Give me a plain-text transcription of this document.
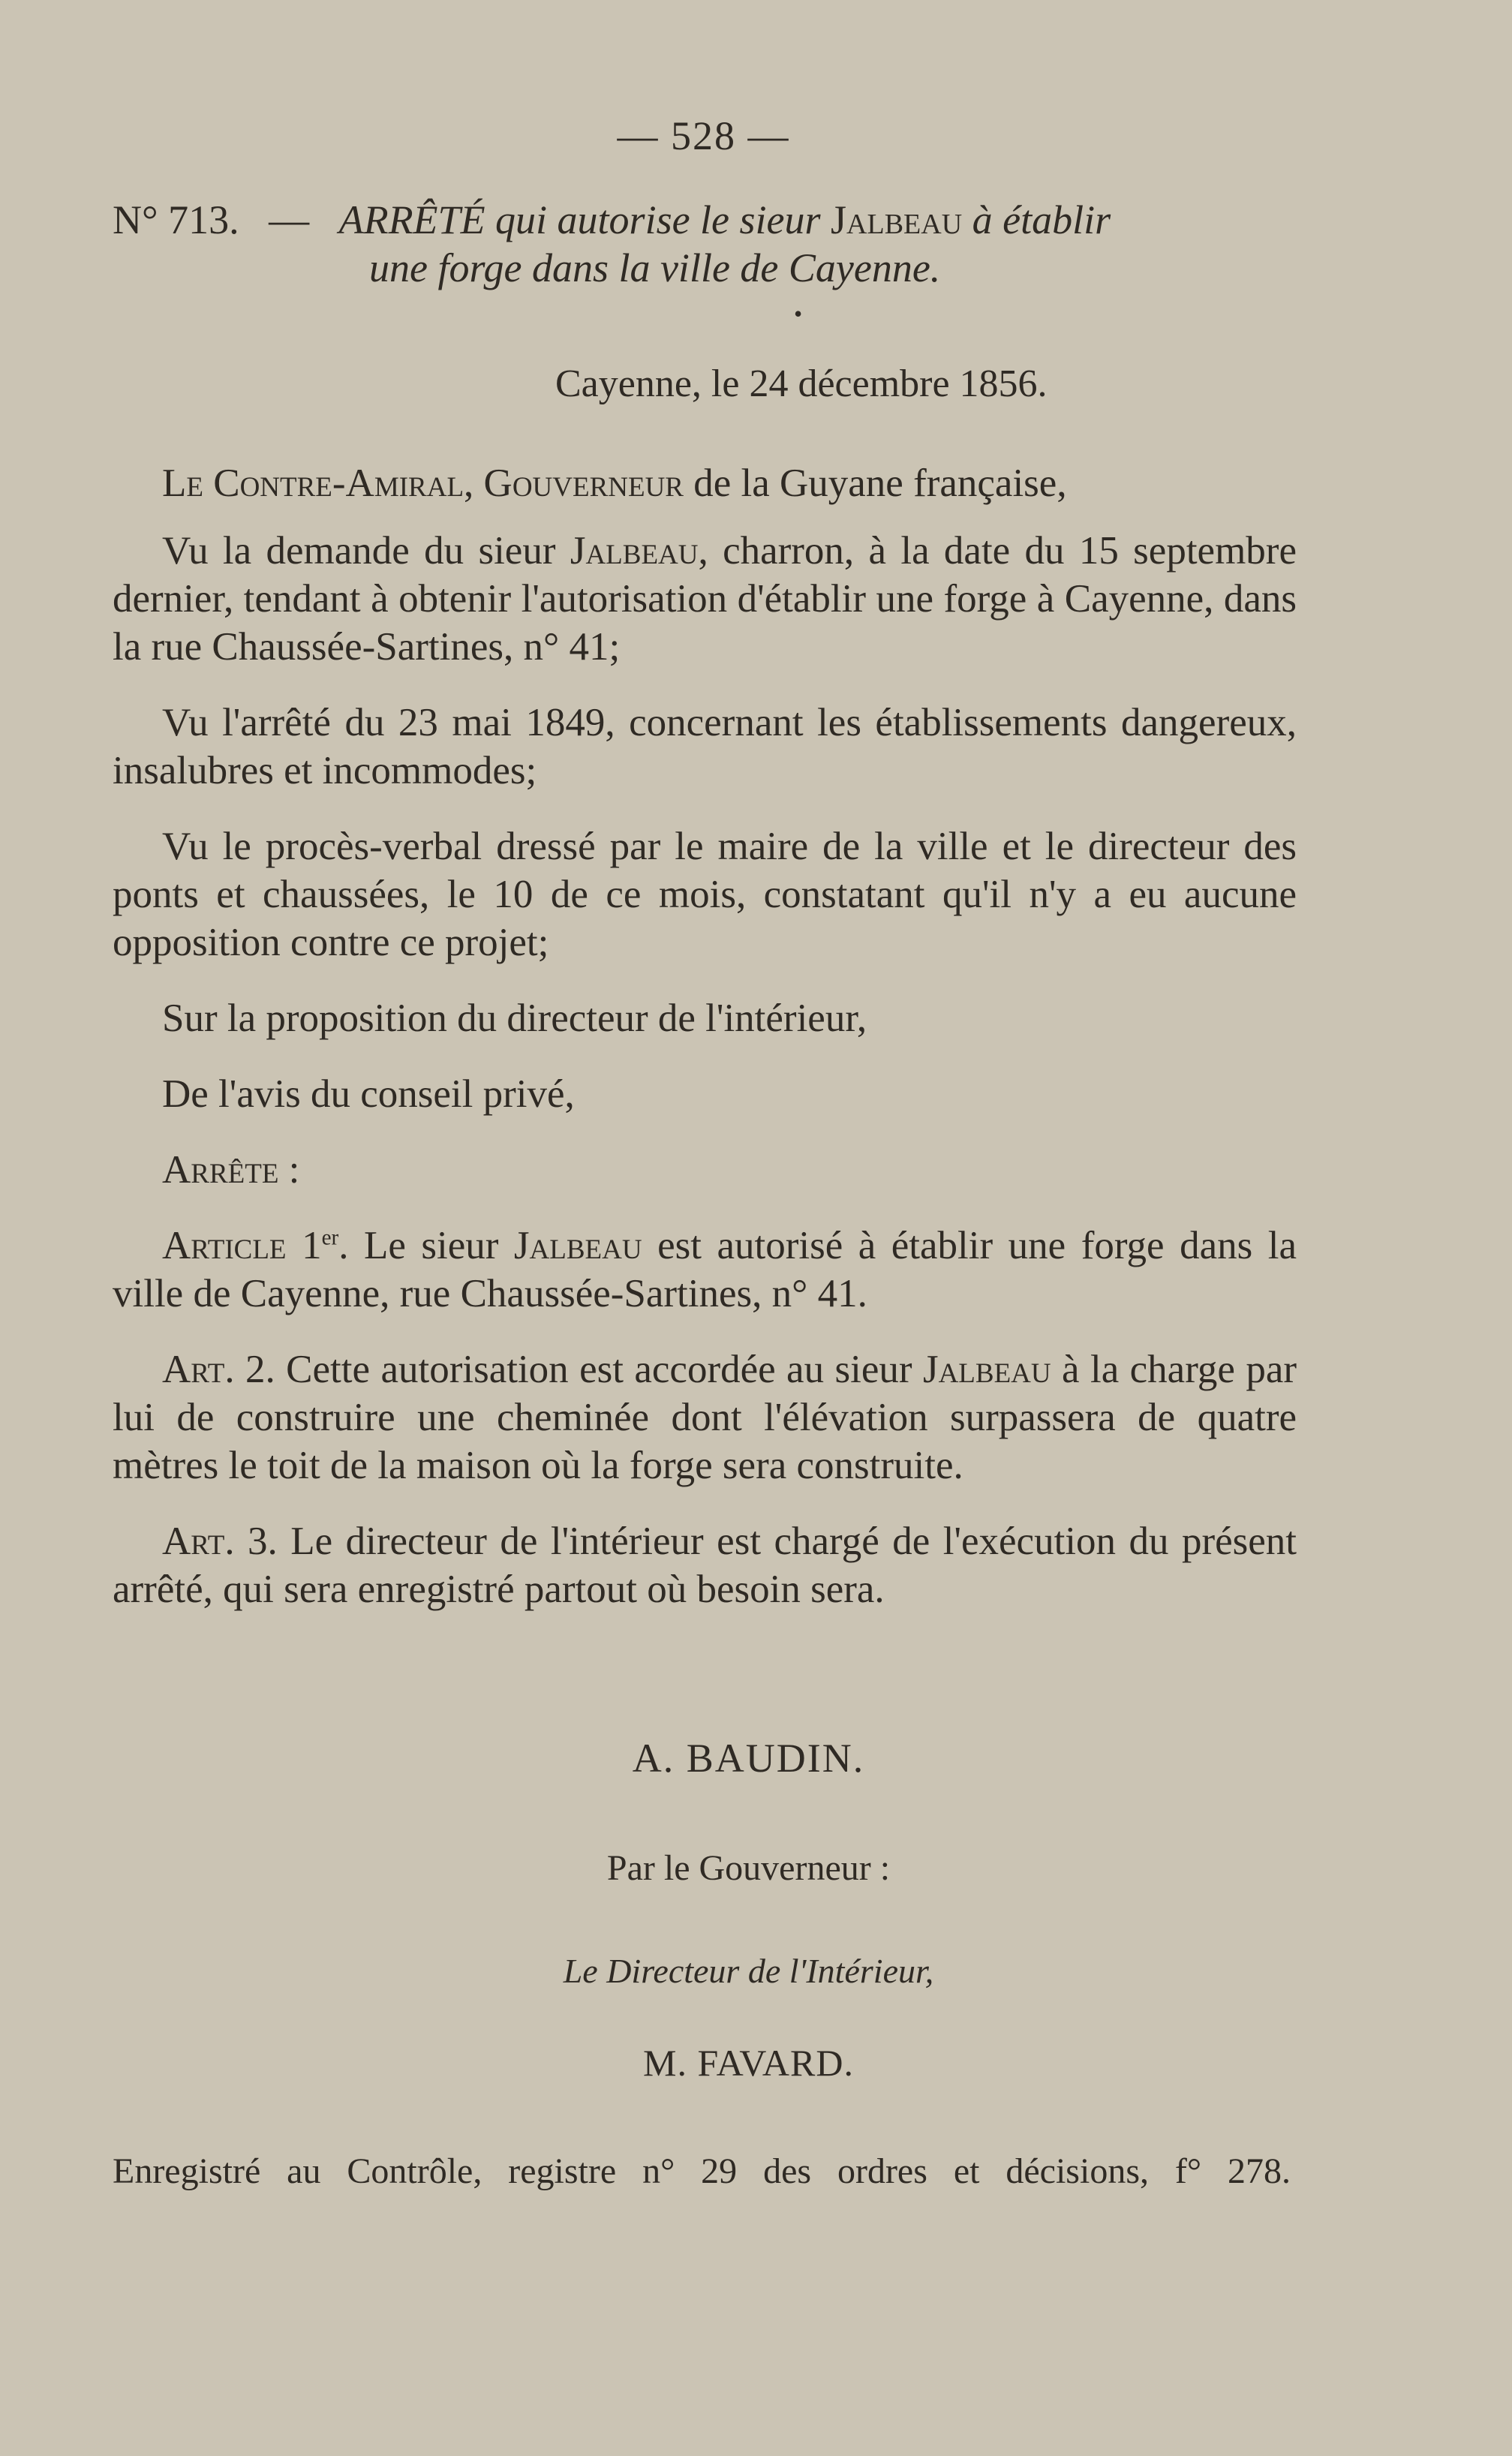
— 528 —
N° 713. — ARRÊTÉ qui autorise le sieur Jalbeau à établir
une forge dans la ville de Cayenne.
•
Cayenne, le 24 décembre 1856.

Le Contre-Amiral, Gouverneur de la Guyane française,

Vu la demande du sieur Jalbeau, charron, à la date du 15 septembre dernier, tendant à obtenir l'autorisation d'établir une forge à Cayenne, dans la rue Chaussée-Sartines, n° 41;

Vu l'arrêté du 23 mai 1849, concernant les établissements dangereux, insalubres et incommodes;

Vu le procès-verbal dressé par le maire de la ville et le directeur des ponts et chaussées, le 10 de ce mois, constatant qu'il n'y a eu aucune opposition contre ce projet;

Sur la proposition du directeur de l'intérieur,

De l'avis du conseil privé,

Arrête :

Article 1er. Le sieur Jalbeau est autorisé à établir une forge dans la ville de Cayenne, rue Chaussée-Sartines, n° 41.

Art. 2. Cette autorisation est accordée au sieur Jalbeau à la charge par lui de construire une cheminée dont l'élévation surpassera de quatre mètres le toit de la maison où la forge sera construite.

Art. 3. Le directeur de l'intérieur est chargé de l'exécution du présent arrêté, qui sera enregistré partout où besoin sera.

A. BAUDIN.
Par le Gouverneur :
Le Directeur de l'Intérieur,
M. FAVARD.
Enregistré au Contrôle, registre n° 29 des ordres et décisions, f° 278.
